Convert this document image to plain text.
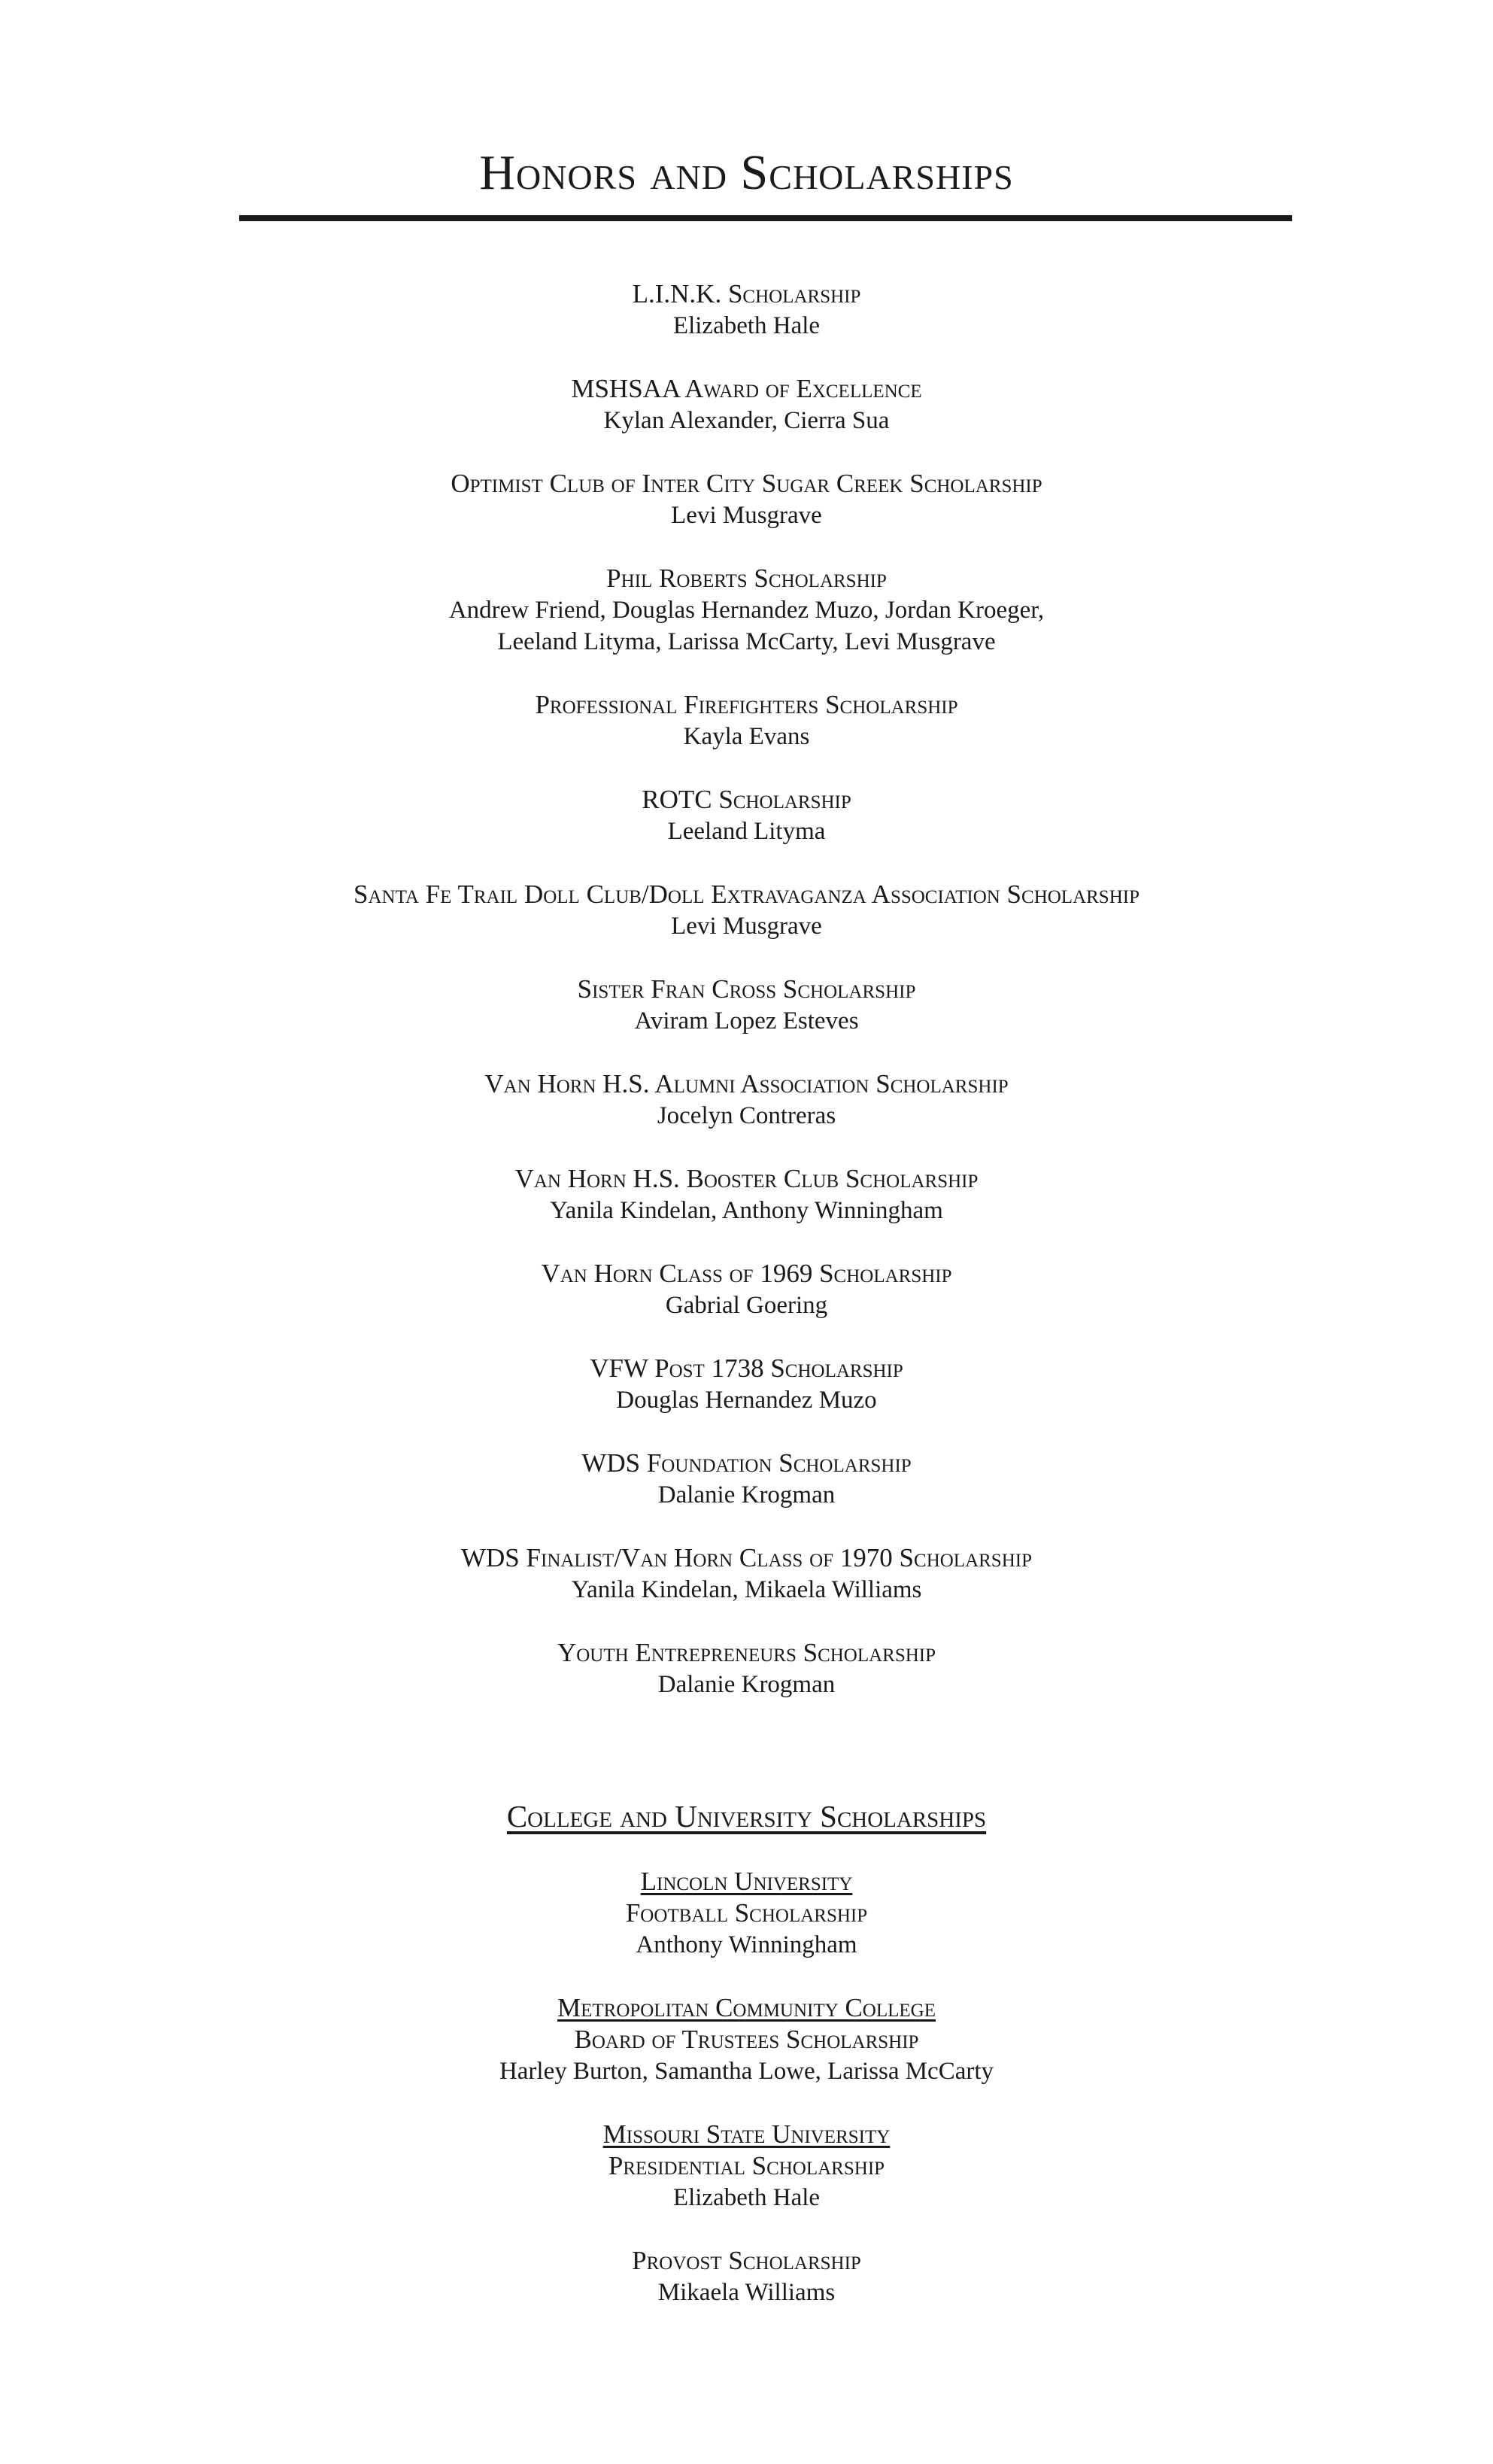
Honors and Scholarships

L.I.N.K. Scholarship

Elizabeth Hale

MSHSAA Award of Excellence

Kylan Alexander, Cierra Sua

Optimist Club of Inter City Sugar Creek Scholarship

Levi Musgrave

Phil Roberts Scholarship

Andrew Friend, Douglas Hernandez Muzo, Jordan Kroeger,

Leeland Lityma, Larissa McCarty, Levi Musgrave

Professional Firefighters Scholarship

Kayla Evans

ROTC Scholarship

Leeland Lityma

Santa Fe Trail Doll Club/Doll Extravaganza Association Scholarship

Levi Musgrave

Sister Fran Cross Scholarship

Aviram Lopez Esteves

Van Horn H.S. Alumni Association Scholarship

Jocelyn Contreras

Van Horn H.S. Booster Club Scholarship

Yanila Kindelan, Anthony Winningham

Van Horn Class of 1969 Scholarship

Gabrial Goering

VFW Post 1738 Scholarship

Douglas Hernandez Muzo

WDS Foundation Scholarship

Dalanie Krogman

WDS Finalist/Van Horn Class of 1970 Scholarship

Yanila Kindelan, Mikaela Williams

Youth Entrepreneurs Scholarship

Dalanie Krogman

College and University Scholarships

Lincoln University

Football Scholarship

Anthony Winningham

Metropolitan Community College

Board of Trustees Scholarship

Harley Burton, Samantha Lowe, Larissa McCarty

Missouri State University

Presidential Scholarship

Elizabeth Hale

Provost Scholarship

Mikaela Williams
